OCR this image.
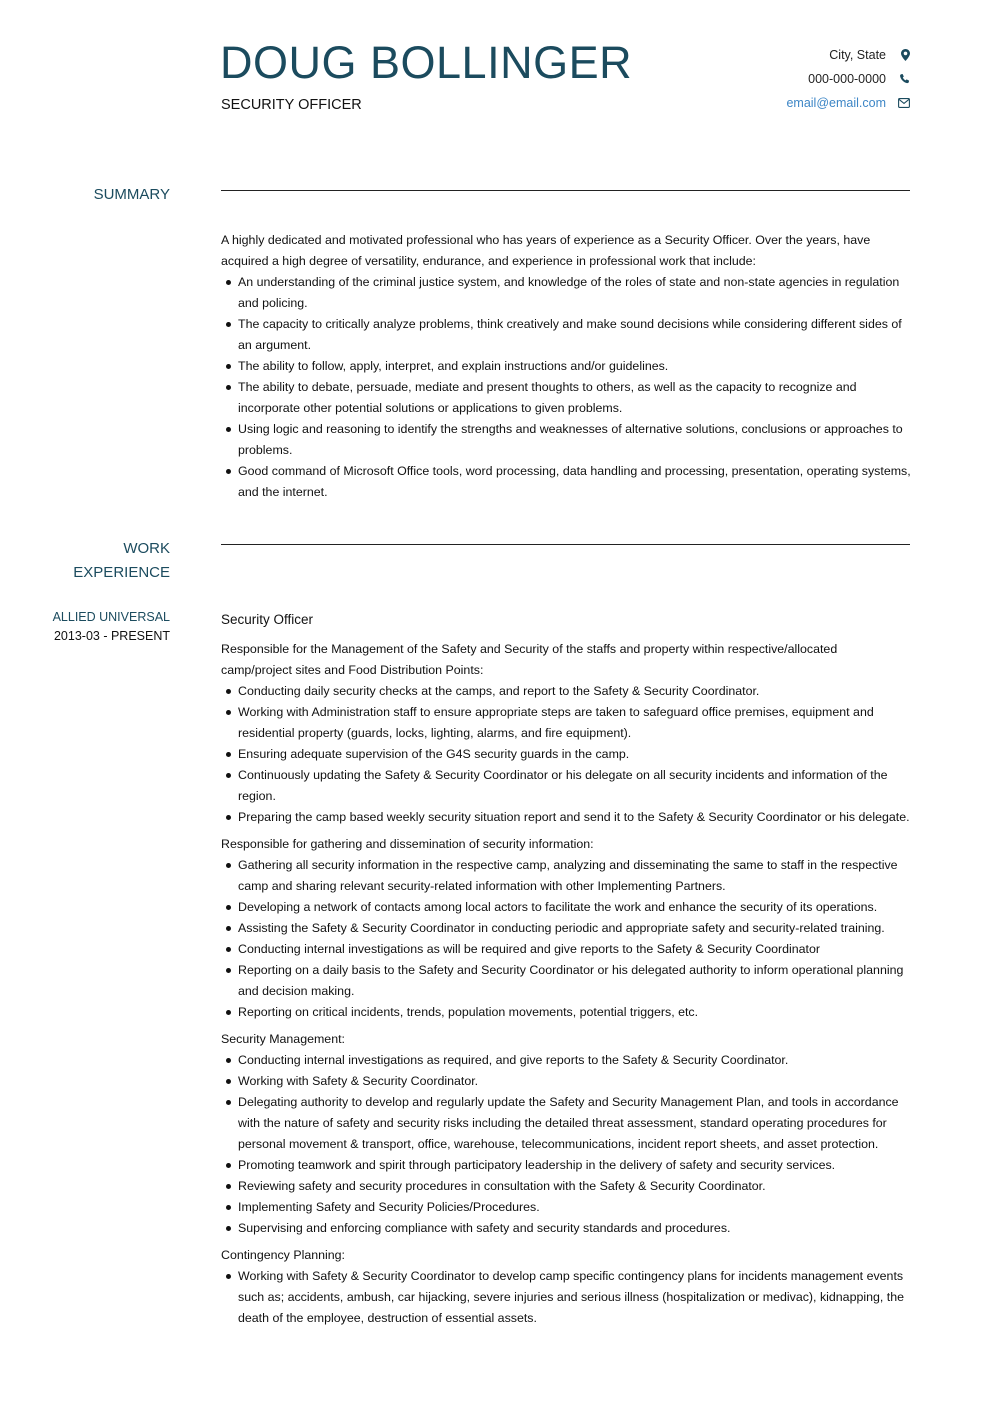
DOUG BOLLINGER
SECURITY OFFICER
City, State
000-000-0000
email@email.com
SUMMARY

A highly dedicated and motivated professional who has years of experience as a Security Officer. Over the years, have acquired a high degree of versatility, endurance, and experience in professional work that include:

An understanding of the criminal justice system, and knowledge of the roles of state and non-state agencies in regulation and policing.
The capacity to critically analyze problems, think creatively and make sound decisions while considering different sides of an argument.
The ability to follow, apply, interpret, and explain instructions and/or guidelines.
The ability to debate, persuade, mediate and present thoughts to others, as well as the capacity to recognize and incorporate other potential solutions or applications to given problems.
Using logic and reasoning to identify the strengths and weaknesses of alternative solutions, conclusions or approaches to problems.
Good command of Microsoft Office tools, word processing, data handling and processing, presentation, operating systems, and the internet.
WORK
EXPERIENCE
ALLIED UNIVERSAL
2013-03 - PRESENT
Security Officer

Responsible for the Management of the Safety and Security of the staffs and property within respective/allocated camp/project sites and Food Distribution Points:

Conducting daily security checks at the camps, and report to the Safety & Security Coordinator.
Working with Administration staff to ensure appropriate steps are taken to safeguard office premises, equipment and residential property (guards, locks, lighting, alarms, and fire equipment).
Ensuring adequate supervision of the G4S security guards in the camp.
Continuously updating the Safety & Security Coordinator or his delegate on all security incidents and information of the region.
Preparing the camp based weekly security situation report and send it to the Safety & Security Coordinator or his delegate.

Responsible for gathering and dissemination of security information:

Gathering all security information in the respective camp, analyzing and disseminating the same to staff in the respective camp and sharing relevant security-related information with other Implementing Partners.
Developing a network of contacts among local actors to facilitate the work and enhance the security of its operations.
Assisting the Safety & Security Coordinator in conducting periodic and appropriate safety and security-related training.
Conducting internal investigations as will be required and give reports to the Safety & Security Coordinator
Reporting on a daily basis to the Safety and Security Coordinator or his delegated authority to inform operational planning and decision making.
Reporting on critical incidents, trends, population movements, potential triggers, etc.

Security Management:

Conducting internal investigations as required, and give reports to the Safety & Security Coordinator.
Working with Safety & Security Coordinator.
Delegating authority to develop and regularly update the Safety and Security Management Plan, and tools in accordance with the nature of safety and security risks including the detailed threat assessment, standard operating procedures for personal movement & transport, office, warehouse, telecommunications, incident report sheets, and asset protection.
Promoting teamwork and spirit through participatory leadership in the delivery of safety and security services.
Reviewing safety and security procedures in consultation with the Safety & Security Coordinator.
Implementing Safety and Security Policies/Procedures.
Supervising and enforcing compliance with safety and security standards and procedures.

Contingency Planning:

Working with Safety & Security Coordinator to develop camp specific contingency plans for incidents management events such as; accidents, ambush, car hijacking, severe injuries and serious illness (hospitalization or medivac), kidnapping, the death of the employee, destruction of essential assets.
